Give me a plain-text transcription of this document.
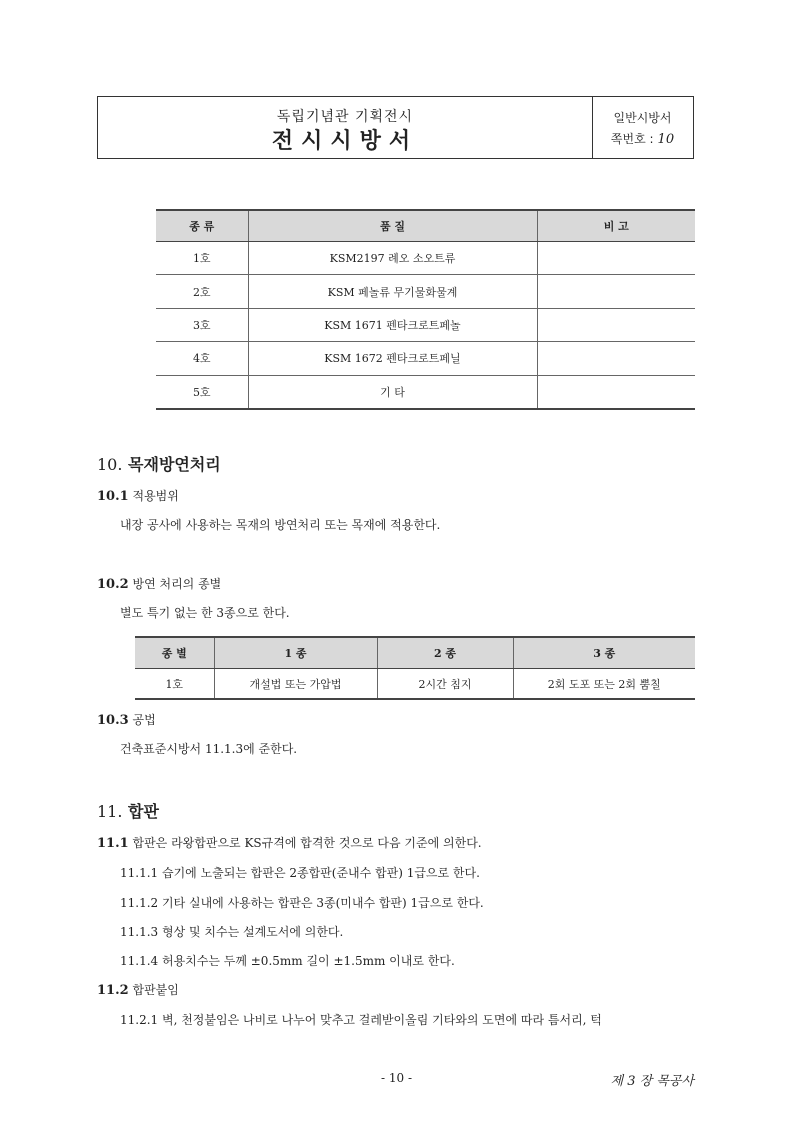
독립기념관 기획전시
전시시방서
일반시방서
쪽번호 : 10
종 류	품 질	비 고
1호	KSM2197 례오 소오트류	
2호	KSM 페놀류 무기물화물계	
3호	KSM 1671 펜타크로트페놀	
4호	KSM 1672 펜타크로트페닐	
5호	기 타	
10. 목재방연처리
10.1 적용범위
내장 공사에 사용하는 목재의 방연처리 또는 목재에 적용한다.
10.2 방연 처리의 종별
별도 특기 없는 한 3종으로 한다.
종 별	1 종	2 종	3 종
1호	개설법 또는 가압법	2시간 침지	2회 도포 또는 2회 뿜칠
10.3 공법
건축표준시방서 11.1.3에 준한다.
11. 합판
11.1 합판은 라왕합판으로 KS규격에 합격한 것으로 다음 기준에 의한다.
11.1.1 습기에 노출되는 합판은 2종합판(준내수 합판) 1급으로 한다.
11.1.2 기타 실내에 사용하는 합판은 3종(미내수 합판) 1급으로 한다.
11.1.3 형상 및 치수는 설계도서에 의한다.
11.1.4 허용치수는 두께 ±0.5mm 길이 ±1.5mm 이내로 한다.
11.2 합판붙임
11.2.1 벽, 천정붙임은 나비로 나누어 맞추고 걸레받이올림 기타와의 도면에 따라 틈서리, 턱
- 10 -	제 3 장 목공사
